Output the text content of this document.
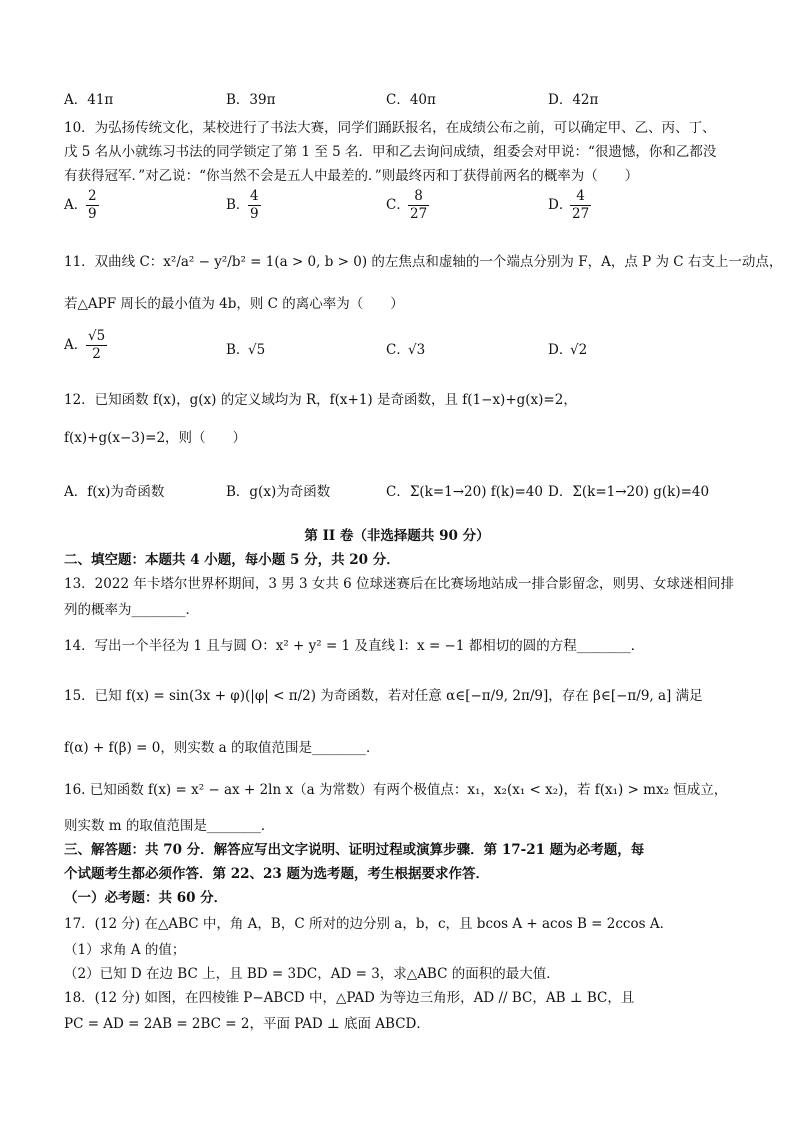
A．41π	B．39π	C．40π	D．42π
10．为弘扬传统文化，某校进行了书法大赛，同学们踊跃报名，在成绩公布之前，可以确定甲、乙、丙、丁、
戊 5 名从小就练习书法的同学锁定了第 1 至 5 名．甲和乙去询问成绩，组委会对甲说：“很遗憾，你和乙都没
有获得冠军．”对乙说：“你当然不会是五人中最差的．”则最终丙和丁获得前两名的概率为（　　）
A．
$\frac{2}{9}$	B．
$\frac{4}{9}$	C．
$\frac{8}{27}$	D．
$\frac{4}{27}$
11．双曲线 C：x²/a² − y²/b² = 1(a > 0, b > 0) 的左焦点和虚轴的一个端点分别为 F，A，点 P 为 C 右支上一动点，
若△APF 周长的最小值为 4b，则 C 的离心率为（　　）
A．
$\frac{√5}{2}$	B．√5	C．√3	D．√2
12．已知函数 f(x)，g(x) 的定义域均为 R，f(x+1) 是奇函数，且 f(1−x)+g(x)=2，
f(x)+g(x−3)=2，则（　　）
A．f(x)为奇函数	B．g(x)为奇函数	C．Σ(k=1→20) f(k)=40 D．Σ(k=1→20) g(k)=40
第 II 卷（非选择题共 90 分）
二、填空题：本题共 4 小题，每小题 5 分，共 20 分．
13．2022 年卡塔尔世界杯期间，3 男 3 女共 6 位球迷赛后在比赛场地站成一排合影留念，则男、女球迷相间排
列的概率为________．
14．写出一个半径为 1 且与圆 O：x² + y² = 1 及直线 l：x = −1 都相切的圆的方程________．
15．已知 f(x) = sin(3x + φ)(|φ| < π/2) 为奇函数，若对任意 α∈[−π/9, 2π/9]，存在 β∈[−π/9, a] 满足
f(α) + f(β) = 0，则实数 a 的取值范围是________．
16. 已知函数 f(x) = x² − ax + 2ln x（a 为常数）有两个极值点：x₁，x₂(x₁ < x₂)，若 f(x₁) > mx₂ 恒成立，
则实数 m 的取值范围是________．
三、解答题：共 70 分．解答应写出文字说明、证明过程或演算步骤．第 17-21 题为必考题，每
个试题考生都必须作答．第 22、23 题为选考题，考生根据要求作答．
（一）必考题：共 60 分．
17．(12 分) 在△ABC 中，角 A，B，C 所对的边分别 a，b，c，且 bcos A + acos B = 2ccos A．
（1）求角 A 的值；
（2）已知 D 在边 BC 上，且 BD = 3DC，AD = 3，求△ABC 的面积的最大值．
18．(12 分) 如图，在四棱锥 P−ABCD 中，△PAD 为等边三角形，AD // BC，AB ⊥ BC，且
PC = AD = 2AB = 2BC = 2，平面 PAD ⊥ 底面 ABCD．
